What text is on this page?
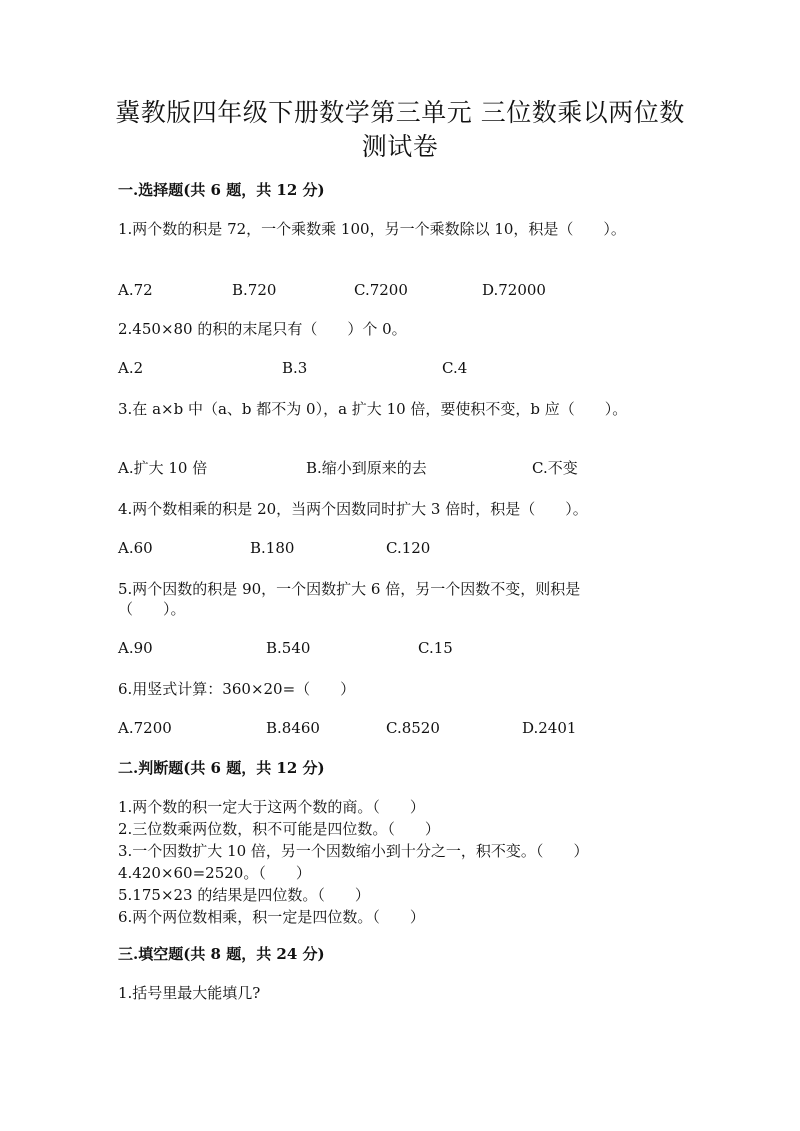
冀教版四年级下册数学第三单元 三位数乘以两位数
测试卷
一.选择题(共 6 题，共 12 分)
1.两个数的积是 72，一个乘数乘 100，另一个乘数除以 10，积是（　　）。
A.72	B.720	C.7200	D.72000
2.450×80 的积的末尾只有（　　）个 0。
A.2	B.3	C.4
3.在 a×b 中（a、b 都不为 0），a 扩大 10 倍，要使积不变，b 应（　　）。
A.扩大 10 倍	B.缩小到原来的去	C.不变
4.两个数相乘的积是 20，当两个因数同时扩大 3 倍时，积是（　　）。
A.60	B.180	C.120
5.两个因数的积是 90，一个因数扩大 6 倍，另一个因数不变，则积是
（　　）。
A.90	B.540	C.15
6.用竖式计算：360×20=（　　）
A.7200	B.8460	C.8520	D.2401
二.判断题(共 6 题，共 12 分)
1.两个数的积一定大于这两个数的商。（　　）
2.三位数乘两位数，积不可能是四位数。（　　）
3.一个因数扩大 10 倍，另一个因数缩小到十分之一，积不变。（　　）
4.420×60=2520。（　　）
5.175×23 的结果是四位数。（　　）
6.两个两位数相乘，积一定是四位数。（　　）
三.填空题(共 8 题，共 24 分)
1.括号里最大能填几?
